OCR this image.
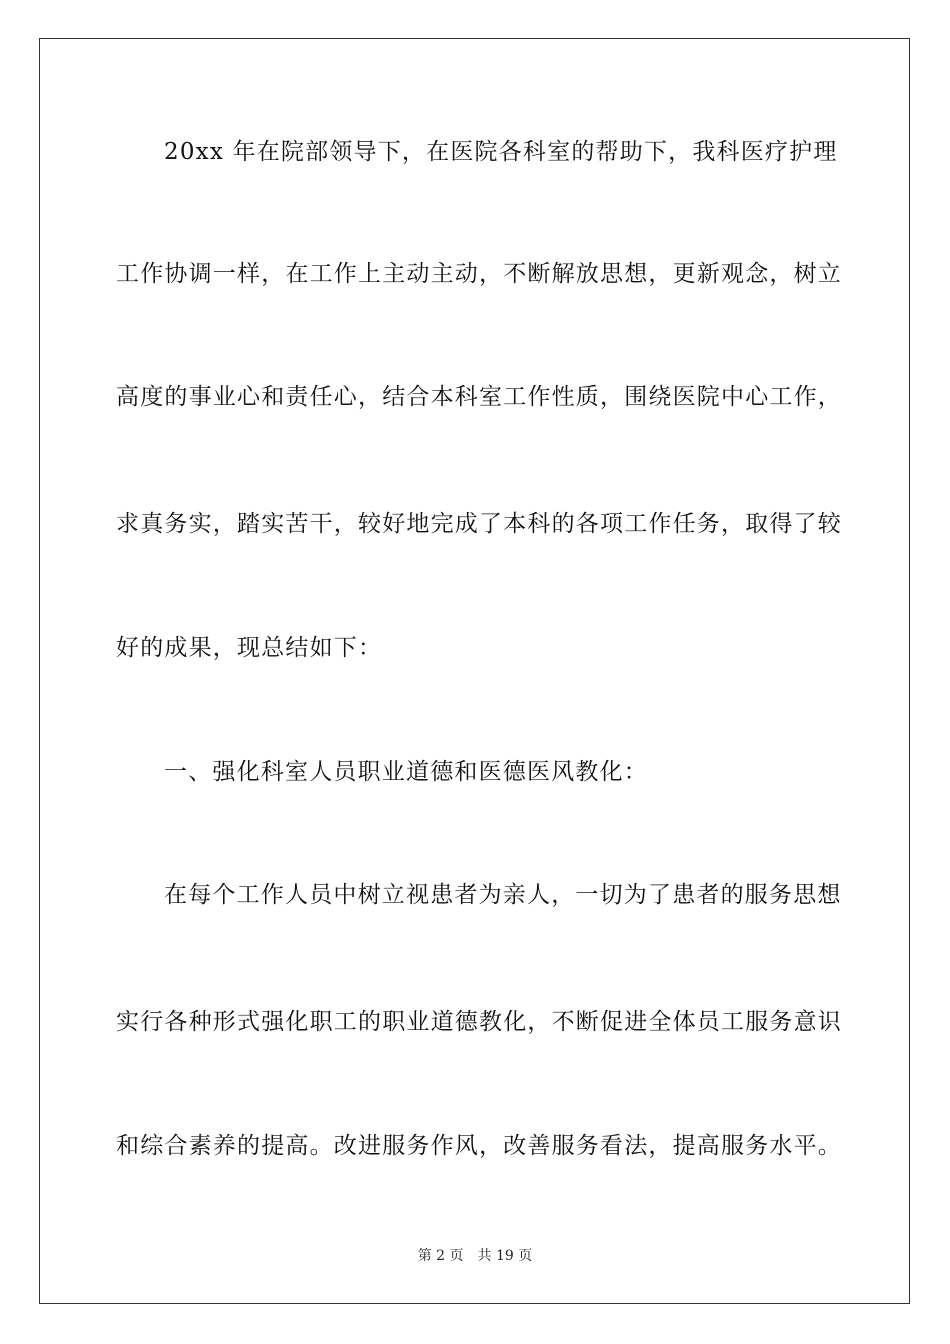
20xx 年在院部领导下，在医院各科室的帮助下，我科医疗护理
工作协调一样，在工作上主动主动，不断解放思想，更新观念，树立
高度的事业心和责任心，结合本科室工作性质，围绕医院中心工作，
求真务实，踏实苦干，较好地完成了本科的各项工作任务，取得了较
好的成果，现总结如下：
一、强化科室人员职业道德和医德医风教化：
在每个工作人员中树立视患者为亲人，一切为了患者的服务思想
实行各种形式强化职工的职业道德教化，不断促进全体员工服务意识
和综合素养的提高。改进服务作风，改善服务看法，提高服务水平。
第 2 页　共 19 页
